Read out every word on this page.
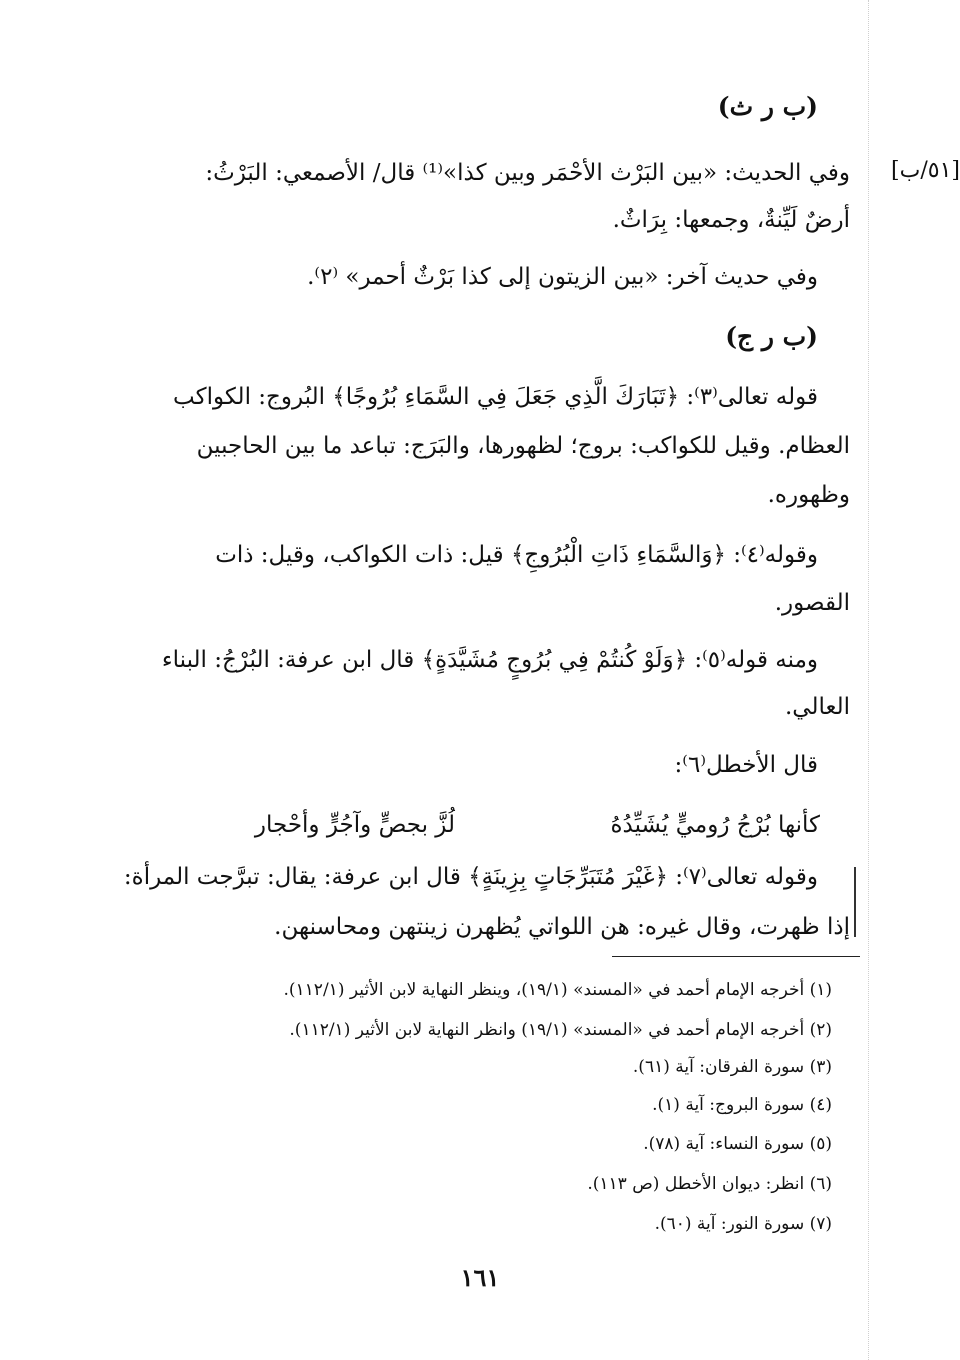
(ب ر ث)
وفي الحديث: «بين البَرْث الأحْمَر وبين كذا»⁽¹⁾ قال/ الأصمعي: البَرْثُ: [٥١/ب]
أرضٌ لَيِّنةٌ، وجمعها: بِرَاثٌ.
وفي حديث آخر: «بين الزيتون إلى كذا بَرْثٌ أحمر» ⁽٢⁾.
(ب ر ج)
قوله تعالى⁽٣⁾: ﴿تَبَارَكَ الَّذِي جَعَلَ فِي السَّمَاءِ بُرُوجًا﴾ البُروج: الكواكب
العظام. وقيل للكواكب: بروج؛ لظهورها، والبَرَج: تباعد ما بين الحاجبين
وظهوره.
وقوله⁽٤⁾: ﴿وَالسَّمَاءِ ذَاتِ الْبُرُوجِ﴾ قيل: ذات الكواكب، وقيل: ذات
القصور.
ومنه قوله⁽٥⁾: ﴿وَلَوْ كُنتُمْ فِي بُرُوجٍ مُشَيَّدَةٍ﴾ قال ابن عرفة: البُرْجُ: البناء
العالي.
قال الأخطل⁽٦⁾:
كأنها بُرْجُ رُوميٍّ يُشَيِّدُهُ
لُزَّ بجصٍّ وآجُرٍّ وأحْجار
وقوله تعالى⁽٧⁾: ﴿غَيْرَ مُتَبَرِّجَاتٍ بِزِينَةٍ﴾ قال ابن عرفة: يقال: تبرَّجت المرأة:
إذا ظهرت، وقال غيره: هن اللواتي يُظهرن زينتهن ومحاسنهن.
(١) أخرجه الإمام أحمد في «المسند» (١٩/١)، وينظر النهاية لابن الأثير (١١٢/١).
(٢) أخرجه الإمام أحمد في «المسند» (١٩/١) وانظر النهاية لابن الأثير (١١٢/١).
(٣) سورة الفرقان: آية (٦١).
(٤) سورة البروج: آية (١).
(٥) سورة النساء: آية (٧٨).
(٦) انظر: ديوان الأخطل (ص ١١٣).
(٧) سورة النور: آية (٦٠).
١٦١
